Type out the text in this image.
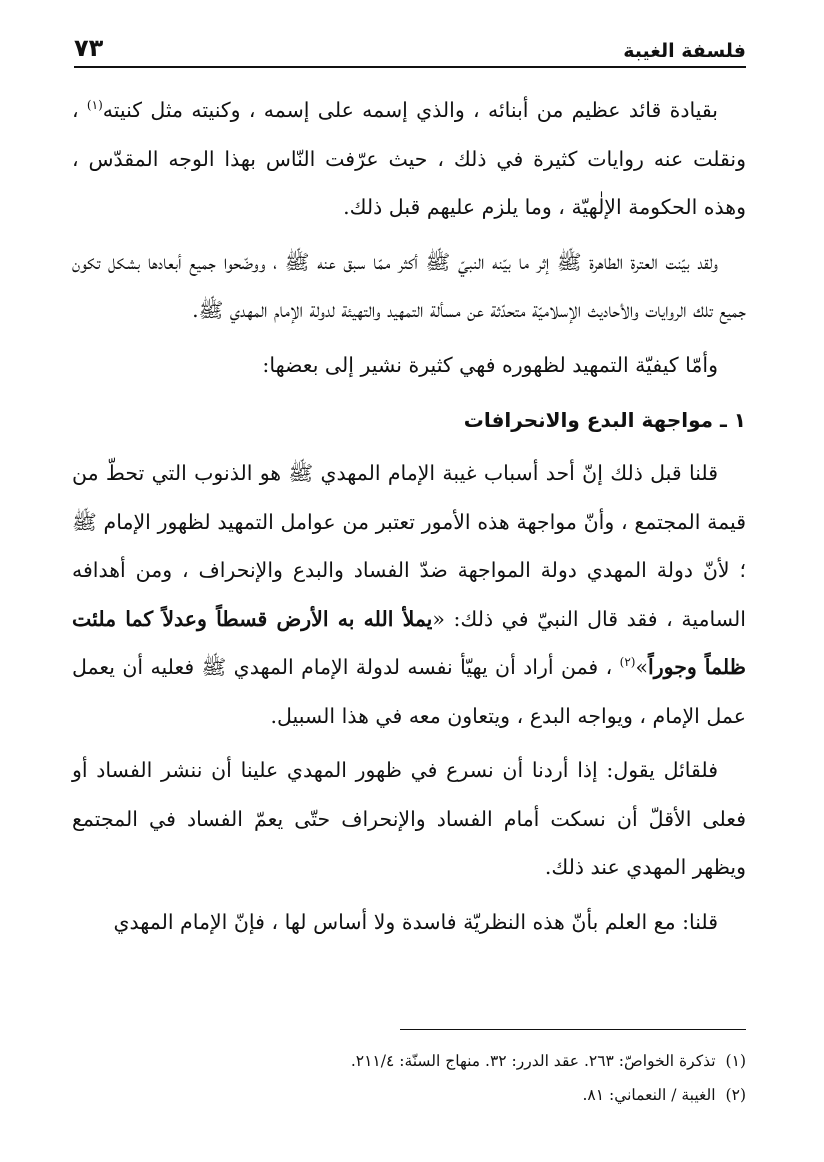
فلسفة الغيبة
٧٣

بقيادة قائد عظيم من أبنائه ، والذي إسمه على إسمه ، وكنيته مثل كنيته$^{(١)}$ ، ونقلت عنه روايات كثيرة في ذلك ، حيث عرّفت النّاس بهذا الوجه المقدّس ، وهذه الحكومة الإلٰهيّة ، وما يلزم عليهم قبل ذلك.

ولقد بيّنت العترة الطاهرة ﷺ إثر ما بيّنه النبيّ ﷺ أكثر ممّا سبق عنه ﷺ ، ووضّحوا جميع أبعادها بشكل تكون جميع تلك الروايات والأحاديث الإسلاميّة متحدّثة عن مسألة التمهيد والتهيئة لدولة الإمام المهدي ﷺ.

وأمّا كيفيّة التمهيد لظهوره فهي كثيرة نشير إلى بعضها:

١ ـ مواجهة البدع والانحرافات

قلنا قبل ذلك إنّ أحد أسباب غيبة الإمام المهدي ﷺ هو الذنوب التي تحطّ من قيمة المجتمع ، وأنّ مواجهة هذه الأمور تعتبر من عوامل التمهيد لظهور الإمام ﷺ ؛ لأنّ دولة المهدي دولة المواجهة ضدّ الفساد والبدع والإنحراف ، ومن أهدافه السامية ، فقد قال النبيّ في ذلك: «يملأ الله به الأرض قسطاً وعدلاً كما ملئت ظلماً وجوراً»$^{(٢)}$ ، فمن أراد أن يهيّأ نفسه لدولة الإمام المهدي ﷺ فعليه أن يعمل عمل الإمام ، ويواجه البدع ، ويتعاون معه في هذا السبيل.

فلقائل يقول: إذا أردنا أن نسرع في ظهور المهدي علينا أن ننشر الفساد أو فعلى الأقلّ أن نسكت أمام الفساد والإنحراف حتّى يعمّ الفساد في المجتمع ويظهر المهدي عند ذلك.

قلنا: مع العلم بأنّ هذه النظريّة فاسدة ولا أساس لها ، فإنّ الإمام المهدي

(١)تذكرة الخواصّ: ٢٦٣. عقد الدرر: ٣٢. منهاج السنّة: ٢١١/٤.
(٢)الغيبة / النعماني: ٨١.
